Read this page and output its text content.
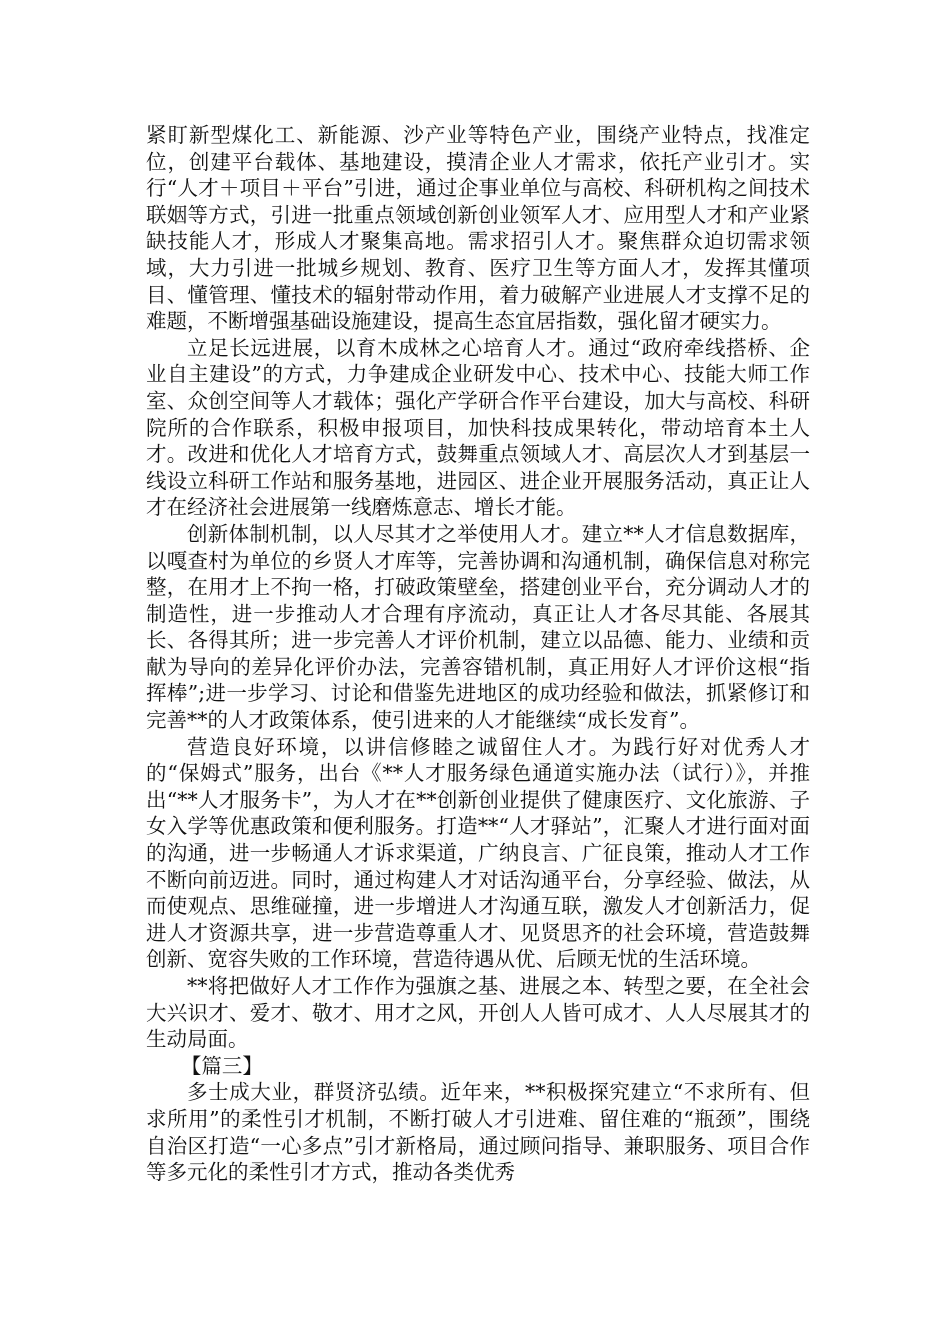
紧盯新型煤化工、新能源、沙产业等特色产业，围绕产业特点，找准定位，创建平台载体、基地建设，摸清企业人才需求，依托产业引才。实行“人才＋项目＋平台”引进，通过企事业单位与高校、科研机构之间技术联姻等方式，引进一批重点领域创新创业领军人才、应用型人才和产业紧缺技能人才，形成人才聚集高地。需求招引人才。聚焦群众迫切需求领域，大力引进一批城乡规划、教育、医疗卫生等方面人才，发挥其懂项目、懂管理、懂技术的辐射带动作用，着力破解产业进展人才支撑不足的难题，不断增强基础设施建设，提高生态宜居指数，强化留才硬实力。

立足长远进展，以育木成林之心培育人才。通过“政府牵线搭桥、企业自主建设”的方式，力争建成企业研发中心、技术中心、技能大师工作室、众创空间等人才载体；强化产学研合作平台建设，加大与高校、科研院所的合作联系，积极申报项目，加快科技成果转化，带动培育本土人才。改进和优化人才培育方式，鼓舞重点领域人才、高层次人才到基层一线设立科研工作站和服务基地，进园区、进企业开展服务活动，真正让人才在经济社会进展第一线磨炼意志、增长才能。

创新体制机制，以人尽其才之举使用人才。建立**人才信息数据库，以嘎查村为单位的乡贤人才库等，完善协调和沟通机制，确保信息对称完整，在用才上不拘一格，打破政策壁垒，搭建创业平台，充分调动人才的制造性，进一步推动人才合理有序流动，真正让人才各尽其能、各展其长、各得其所；进一步完善人才评价机制，建立以品德、能力、业绩和贡献为导向的差异化评价办法，完善容错机制，真正用好人才评价这根“指挥棒”;进一步学习、讨论和借鉴先进地区的成功经验和做法，抓紧修订和完善**的人才政策体系，使引进来的人才能继续“成长发育”。

营造良好环境，以讲信修睦之诚留住人才。为践行好对优秀人才的“保姆式”服务，出台《**人才服务绿色通道实施办法（试行）》，并推出“**人才服务卡”，为人才在**创新创业提供了健康医疗、文化旅游、子女入学等优惠政策和便利服务。打造**“人才驿站”，汇聚人才进行面对面的沟通，进一步畅通人才诉求渠道，广纳良言、广征良策，推动人才工作不断向前迈进。同时，通过构建人才对话沟通平台，分享经验、做法，从而使观点、思维碰撞，进一步增进人才沟通互联，激发人才创新活力，促进人才资源共享，进一步营造尊重人才、见贤思齐的社会环境，营造鼓舞创新、宽容失败的工作环境，营造待遇从优、后顾无忧的生活环境。

**将把做好人才工作作为强旗之基、进展之本、转型之要，在全社会大兴识才、爱才、敬才、用才之风，开创人人皆可成才、人人尽展其才的生动局面。

【篇三】

多士成大业，群贤济弘绩。近年来，**积极探究建立“不求所有、但求所用”的柔性引才机制，不断打破人才引进难、留住难的“瓶颈”，围绕自治区打造“一心多点”引才新格局，通过顾问指导、兼职服务、项目合作等多元化的柔性引才方式，推动各类优秀
